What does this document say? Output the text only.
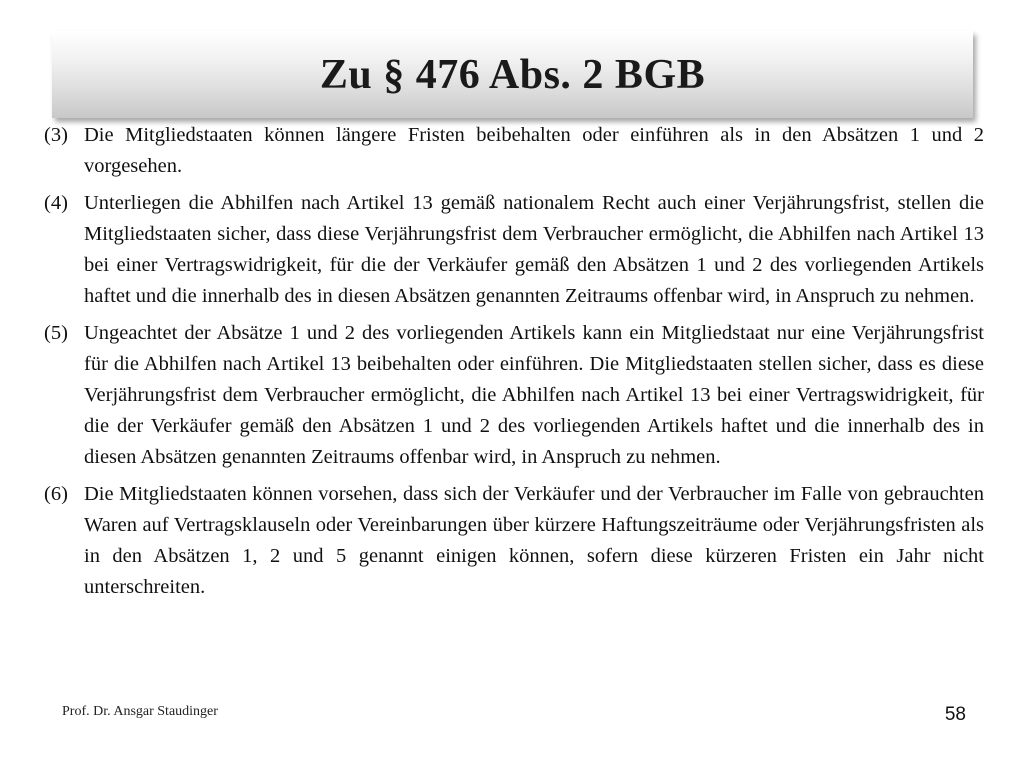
Zu § 476 Abs. 2 BGB
(3) Die Mitgliedstaaten können längere Fristen beibehalten oder einführen als in den Absätzen 1 und 2 vorgesehen.
(4) Unterliegen die Abhilfen nach Artikel 13 gemäß nationalem Recht auch einer Verjährungsfrist, stellen die Mitgliedstaaten sicher, dass diese Verjährungsfrist dem Verbraucher ermöglicht, die Abhilfen nach Artikel 13 bei einer Vertragswidrigkeit, für die der Verkäufer gemäß den Absätzen 1 und 2 des vorliegenden Artikels haftet und die innerhalb des in diesen Absätzen genannten Zeitraums offenbar wird, in Anspruch zu nehmen.
(5) Ungeachtet der Absätze 1 und 2 des vorliegenden Artikels kann ein Mitgliedstaat nur eine Verjährungsfrist für die Abhilfen nach Artikel 13 beibehalten oder einführen. Die Mitgliedstaaten stellen sicher, dass es diese Verjährungsfrist dem Verbraucher ermöglicht, die Abhilfen nach Artikel 13 bei einer Vertragswidrigkeit, für die der Verkäufer gemäß den Absätzen 1 und 2 des vorliegenden Artikels haftet und die innerhalb des in diesen Absätzen genannten Zeitraums offenbar wird, in Anspruch zu nehmen.
(6) Die Mitgliedstaaten können vorsehen, dass sich der Verkäufer und der Verbraucher im Falle von gebrauchten Waren auf Vertragsklauseln oder Vereinbarungen über kürzere Haftungszeiträume oder Verjährungsfristen als in den Absätzen 1, 2 und 5 genannt einigen können, sofern diese kürzeren Fristen ein Jahr nicht unterschreiten.
Prof. Dr. Ansgar Staudinger	58
